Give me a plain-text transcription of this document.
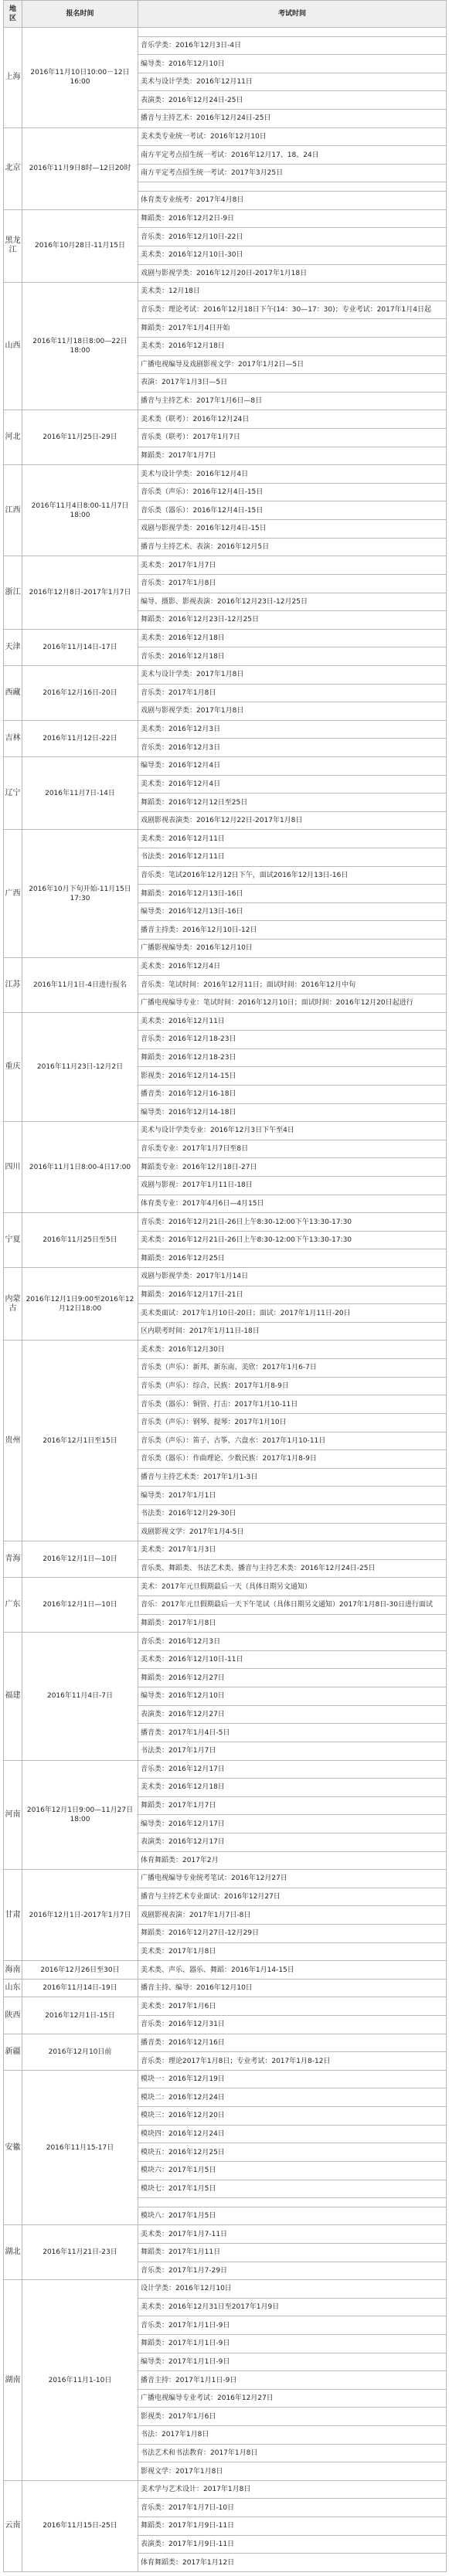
地区	报名时间	考试时间
上海	2016年11月10日10:00－12日16:00	
		音乐学类：2016年12月3日-4日
		编导类：2016年12月10日
		美术与设计学类：2016年12月11日
		表演类：2016年12月24日-25日
		播音与主持艺术：2016年12月24日-25日
北京	2016年11月9日8时—12日20时	美术类专业统一考试：2016年12月10日
		南方平定考点招生统一考试：2016年12月17、18、24日
		南方平定考点招生统一考试：2017年3月25日

		体育类专业统考：2017年4月8日
黑龙江	2016年10月28日-11月15日	舞蹈类：2016年12月2日-9日
		音乐类：2016年12月10日-22日
		美术类：2016年12月10日-30日
		戏剧与影视学类：2016年12月20日-2017年1月18日
山西	2016年11月18日8:00—22日18:00	美术类：12月18日
		音乐类：理论考试：2016年12月18日下午(14：30—17：30)；专业考试：2017年1月4日起
		舞蹈类：2017年1月4日开始
		美术类：2016年12月18日
		广播电视编导及戏剧影视文学：2017年1月2日—5日
		表演：2017年1月3日—5日
		播音与主持艺术：2017年1月6日—8日
河北	2016年11月25日-29日	美术类（联考）：2016年12月24日
		音乐类（联考）：2017年1月7日
		舞蹈类：2017年1月7日
江西	2016年11月4日8:00-11月7日18:00	美术与设计学类：2016年12月4日
		音乐类（声乐）：2016年12月4日-15日
		音乐类（器乐）：2016年12月4日-15日
		戏剧与影视学类：2016年12月4日-15日
		播音与主持艺术、表演：2016年12月5日
浙江	2016年12月8日-2017年1月7日	美术类：2017年1月7日
		音乐类：2017年1月8日
		编导、摄影、影视表演：2016年12月23日-12月25日
		舞蹈类：2016年12月23日-12月25日
天津	2016年11月14日-17日	美术类：2016年12月18日
		音乐类：2016年12月18日
西藏	2016年12月16日-20日	美术与设计学类：2017年1月8日
		音乐类：2017年1月8日
		戏剧与影视学类：2017年1月8日
吉林	2016年11月12日-22日	美术类：2016年12月3日
		音乐类：2016年12月3日
辽宁	2016年11月7日-14日	编导类：2016年12月4日
		美术类：2016年12月4日
		舞蹈类：2016年12月12日至25日
		戏剧影视表演类：2016年12月22日-2017年1月8日
广西	2016年10月下旬开始-11月15日17:30	美术类：2016年12月11日
		书法类：2016年12月11日
		音乐类：笔试2016年12月12日下午，面试2016年12月13日-16日
		舞蹈类：2016年12月13日-16日
		编导类：2016年12月13日-16日
		播音主持类：2016年12月10日-12日
		广播影视编导类：2016年12月10日
江苏	2016年11月1日-4日进行报名	美术类：2016年12月4日
		音乐类：笔试时间：2016年12月11日；面试时间：2016年12月中旬
		广播电视编导专业：笔试时间：2016年12月10日；面试时间：2016年12月20日起进行
重庆	2016年11月23日-12月2日	美术类：2016年12月11日
		音乐类：2016年12月18-23日
		舞蹈类：2016年12月18-23日
		影视类：2016年12月14-15日
		播音类：2016年12月16-18日
		编导类：2016年12月14-18日
四川	2016年11月1日8:00-4日17:00	美术与设计学类专业：2016年12月3日下午至4日
		音乐类专业：2017年1月7日至8日
		舞蹈类专业：2016年12月18日-27日
		戏剧与影视：2017年1月11日-18日
		体育类专业：2017年4月6日—4月15日
宁夏	2016年11月25日至5日	音乐类：2016年12月21日-26日上午8:30-12:00下午13:30-17:30
		美术类：2016年12月21日-26日上午8:30-12:00下午13:30-17:30
		舞蹈类：2016年12月25日
内蒙古	2016年12月1日9:00至2016年12月12日18:00	戏剧与影视学类：2017年1月14日
		舞蹈类：2016年12月17日-21日
		美术类面试：2017年1月10日-20日；面试：2017年1月11日-20日
		区内联考时间：2017年1月11日-18日
贵州	2016年12月1日至15日	美术类：2016年12月30日
		音乐类（声乐）：新邦、新东南、美欣：2017年1月6-7日
		音乐类（声乐）：综合、民族：2017年1月8-9日
		音乐类（器乐）：铜管、打击：2017年1月10-11日
		音乐类（声乐）：钢琴、提琴：2017年1月10日
		音乐类（声乐）：笛子、古筝、六盘水：2017年1月10-11日
		音乐类（器乐）：作曲理论、少数民族：2017年1月8-9日
		播音与主持艺术类：2017年1月1-3日
		编导类：2017年1月1日
		书法类：2016年12月29-30日
		戏剧影视文学：2017年1月4-5日
青海	2016年12月1日—10日	美术类：2017年1月3日
		音乐类、舞蹈类、书法艺术类、播音与主持艺术类：2016年12月24日-25日
广东	2016年12月1日—10日	美术：2017年元旦假期最后一天（具体日期另文通知）
		音乐：2017年元旦假期最后一天下午笔试（具体日期另文通知）2017年1月8日-30日进行面试
		舞蹈类：2017年1月8日
福建	2016年11月4日-7日	音乐类：2016年12月3日
		美术类：2016年12月10日-11日
		舞蹈类：2016年12月27日
		编导类：2016年12月10日
		表演类：2016年12月27日
		播音类：2017年1月4日-5日
		书法类：2017年1月7日
河南	2016年12月1日9:00—11月27日18:00	音乐类：2016年12月17日
		美术类：2016年12月18日
		舞蹈类：2017年1月7日
		编导类：2016年12月17日
		表演类：2016年12月17日
		体育舞蹈类：2017年2月
甘肃	2016年12月1日-2017年1月7日	广播电视编导专业统考笔试：2016年12月27日
		播音与主持艺术专业面试：2016年12月27日
		戏剧影视表演：2017年1月7日-8日
		舞蹈类：2016年12月27日-12月29日
		美术类：2017年1月8日
海南	2016年12月26日至30日	美术类、声乐、器乐、舞蹈：2016年1月14-15日
山东	2016年11月14日-19日	播音主持、编导：2016年12月10日
陕西	2016年12月1日-15日	美术类：2017年1月6日
		音乐类：2016年12月31日
新疆	2016年12月10日前	播音类：2016年12月16日
		音乐类：理论2017年1月8日；专业考试：2017年1月8-12日
安徽	2016年11月15-17日	模块一：2016年12月19日
		模块二：2016年12月24日
		模块三：2016年12月20日
		模块四：2016年12月24日
		模块五：2016年12月25日
		模块六：2017年1月5日
		模块七：2017年1月5日

		模块八：2017年1月5日
湖北	2016年11月21日-23日	美术类：2017年1月7-11日
		舞蹈类：2017年1月11日
		音乐类：2017年1月7-29日
湖南	2016年11月1-10日	设计学类：2016年12月10日
		美术类：2016年12月31日至2017年1月9日
		音乐类：2017年1月1日-9日
		舞蹈类：2017年1月1日-9日
		编导类：2017年1月1日-9日
		播音主持：2017年1月1日-9日
		广播电视编导专业考试：2016年12月27日
		影视类：2017年1月6日
		书法：2017年1月8日
		书法艺术和书法教育：2017年1月8日
		影视文学：2017年1月8日
云南	2016年11月15日-25日	美术学与艺术设计：2017年1月8日
		音乐类：2017年1月7日-10日
		舞蹈类：2017年1月9日-11日
		表演类：2017年1月9日-11日
		体育舞蹈类：2017年1月12日
